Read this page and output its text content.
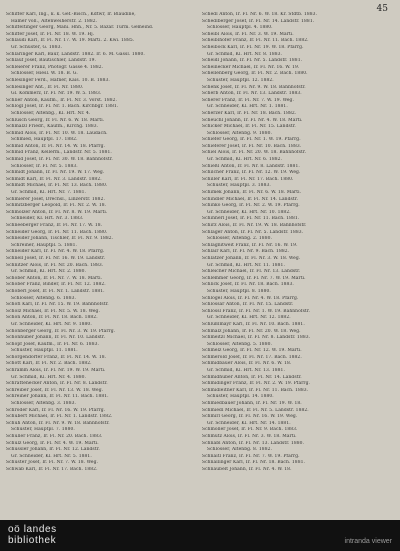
45
Schiffer Karl, Ing., k. k. Gef.-Bisch., Kdtwr, Ir. Blaudine,
Hamer voll., Altenweiherstr. 2. 1882.
Schiffeltinger Georg, Mani. Hhh., Nr. 5. Bazar. Turm. Gemeind.
Schiffer Josef, Ir. Fl. Nr. 18. W. 19. Hj.
Schlaudi Karl, Ir. Fl. Nr. 17. W. 19. Marti. 2. Kwi. 1885.
Gr. Schuster, G. 1883.
Schlaringer Karl, Baur, Landstr. 1882. Ir. 6. M. Gässl. 1880.
Schlauf Josef, Bautischler, Landstr. 19.
Schleierer Franz, Photogr. Gasse 4. 1882.
Schlosser, Hiesl. W. 18. B. G.
Schlesinger Ferd., Hafner, Kais. 10. B. 1883.
Schlesinger Ant., Ir. Fl. Nr. 1880.
Gl. Kommerz, Ir. Fl. Nr. 19. W. 5. 1883.
Schlier Anton, Kaufm., Ir. Fl. Nr. 3. Vorst. 1882.
Schlögl Josef, Ir. Fl. Nr. 1. Bach. Kirchbgr. 1881.
Schlosser, Altenbg., Kl. Hrt. Nr. 4.
Schlusch Georg, Ir. Fl. Nr. 6. W. 18. Marti.
Schmalzl Friedr., Kaufm., Kirchg. 1883.
Schmid Alois, Ir. Fl. Nr. 10. W. 18. Laudach.
Schmied, Hauptpl. 17. 1882.
Schmid Anton, Ir. Fl. Nr. 14. W. 18. Pfarrg.
Schmid Franz, Kellerm., Landstr. Nr. 5. 1881.
Schmid Josef, Ir. Fl. Nr. 30. W. 18. Bahnhofstr.
Schlosser, Ir. Fl. Nr. 5. 1883.
Schmidt Johann, Ir. Fl. Nr. 19. W. 17. Weg.
Schmidt Karl, Ir. Fl. Nr. 3. Landstr. 1882.
Schmidt Michael, Ir. Fl. Nr. 13. Bach. 1880.
Gr. Schmid, Kl. Hrt. Nr. 7. 1881.
Schmierer Josef, Drechsl., Linzerstr. 1882.
Schmitzberger Leopold, Ir. Fl. Nr. 2. W. 18.
Schmölzer Anton, Ir. Fl. Nr. 8. W. 19. Marti.
Schneider, Kl. Hrt. Nr. 3. 1883.
Schneeberger Franz, Ir. Fl. Nr. 17. W. 18.
Schneider Georg, Ir. Fl. Nr. 11. Bach. 1880.
Schneider Johann, Tischler, Ir. Fl. Nr. 9. 1882.
Schreiner, Hauptpl. 5. 1881.
Schneider Karl, Ir. Fl. Nr. 4. W. 18. Pfarrg.
Schnell Josef, Ir. Fl. Nr. 16. W. 19. Landstr.
Schnitzer Alois, Ir. Fl. Nr. 20. Bach. 1883.
Gr. Schmid, Kl. Hrt. Nr. 2. 1880.
Schober Anton, Ir. Fl. Nr. 7. W. 18. Marti.
Schober Franz, Binder, Ir. Fl. Nr. 12. 1882.
Schöberl Josef, Ir. Fl. Nr. 1. Landstr. 1881.
Schlosser, Altenbg. 6. 1883.
Schöfl Karl, Ir. Fl. Nr. 15. W. 19. Bahnhofstr.
Scholz Michael, Ir. Fl. Nr. 5. W. 18. Weg.
Schön Anton, Ir. Fl. Nr. 18. Bach. 1882.
Gr. Schneider, Kl. Hrt. Nr. 9. 1880.
Schönberger Georg, Ir. Fl. Nr. 3. W. 19. Pfarrg.
Schönhuber Johann, Ir. Fl. Nr. 10. Landstr.
Schopf Josef, Kaufm., Ir. Fl. Nr. 6. 1883.
Schuster, Hauptpl. 11. 1881.
Schörgendorfer Franz, Ir. Fl. Nr. 14. W. 18.
Schott Karl, Ir. Fl. Nr. 2. Bach. 1882.
Schramm Alois, Ir. Fl. Nr. 19. W. 19. Marti.
Gr. Schmid, Kl. Hrt. Nr. 4. 1880.
Schrattenecker Anton, Ir. Fl. Nr. 8. Landstr.
Schreiber Josef, Ir. Fl. Nr. 13. W. 18. Weg.
Schreiner Johann, Ir. Fl. Nr. 11. Bach. 1881.
Schlosser, Altenbg. 3. 1883.
Schröder Karl, Ir. Fl. Nr. 16. W. 19. Pfarrg.
Schubert Michael, Ir. Fl. Nr. 1. Landstr. 1882.
Schuh Anton, Ir. Fl. Nr. 9. W. 18. Bahnhofstr.
Schuster, Hauptpl. 7. 1880.
Schuller Franz, Ir. Fl. Nr. 20. Bach. 1883.
Schulz Georg, Ir. Fl. Nr. 4. W. 19. Marti.
Schüssler Johann, Ir. Fl. Nr. 12. Landstr.
Gr. Schneider, Kl. Hrt. Nr. 5. 1881.
Schuster Josef, Ir. Fl. Nr. 7. W. 18. Weg.
Schwab Karl, Ir. Fl. Nr. 17. Bach. 1882.
Schedl Anton, Ir. Fl. Nr. 6. W. 18. Kr. Stdtb. 1883.
Schedlberger Josef, Ir. Fl. Nr. 14. Landstr. 1881.
Schlosser, Hauptpl. 4. 1880.
Scheibl Alois, Ir. Fl. Nr. 3. W. 19. Marti.
Scheiblhofer Franz, Ir. Fl. Nr. 11. Bach. 1882.
Scheiböck Karl, Ir. Fl. Nr. 19. W. 18. Pfarrg.
Gr. Schmid, Kl. Hrt. Nr. 8. 1883.
Scheidl Johann, Ir. Fl. Nr. 5. Landstr. 1881.
Scheinecker Michael, Ir. Fl. Nr. 16. W. 19.
Schellenberg Georg, Ir. Fl. Nr. 2. Bach. 1880.
Schuster, Hauptpl. 12. 1882.
Schenk Josef, Ir. Fl. Nr. 9. W. 18. Bahnhofstr.
Scherb Anton, Ir. Fl. Nr. 13. Landstr. 1883.
Scherer Franz, Ir. Fl. Nr. 7. W. 19. Weg.
Gr. Schneider, Kl. Hrt. Nr. 1. 1881.
Scherzer Karl, Ir. Fl. Nr. 18. Bach. 1882.
Scheuchl Johann, Ir. Fl. Nr. 4. W. 18. Marti.
Schicker Michael, Ir. Fl. Nr. 15. Landstr.
Schlosser, Altenbg. 9. 1880.
Schiefer Georg, Ir. Fl. Nr. 1. W. 19. Pfarrg.
Schieferer Josef, Ir. Fl. Nr. 10. Bach. 1883.
Schiel Alois, Ir. Fl. Nr. 20. W. 18. Bahnhofstr.
Gr. Schmid, Kl. Hrt. Nr. 6. 1882.
Schießl Anton, Ir. Fl. Nr. 8. Landstr. 1881.
Schilcher Franz, Ir. Fl. Nr. 12. W. 19. Weg.
Schiller Karl, Ir. Fl. Nr. 17. Bach. 1880.
Schuster, Hauptpl. 3. 1883.
Schimek Johann, Ir. Fl. Nr. 6. W. 18. Marti.
Schindler Michael, Ir. Fl. Nr. 14. Landstr.
Schinko Georg, Ir. Fl. Nr. 2. W. 19. Pfarrg.
Gr. Schneider, Kl. Hrt. Nr. 10. 1882.
Schinnerl Josef, Ir. Fl. Nr. 11. Bach. 1881.
Schirz Alois, Ir. Fl. Nr. 19. W. 18. Bahnhofstr.
Schlager Anton, Ir. Fl. Nr. 5. Landstr. 1883.
Schlosser, Altenbg. 2. 1880.
Schlagnitweit Franz, Ir. Fl. Nr. 16. W. 19.
Schlair Karl, Ir. Fl. Nr. 9. Bach. 1882.
Schlatzer Johann, Ir. Fl. Nr. 3. W. 18. Weg.
Gr. Schmid, Kl. Hrt. Nr. 11. 1881.
Schleicher Michael, Ir. Fl. Nr. 13. Landstr.
Schlemmer Georg, Ir. Fl. Nr. 7. W. 19. Marti.
Schlick Josef, Ir. Fl. Nr. 18. Bach. 1883.
Schuster, Hauptpl. 8. 1880.
Schlögel Alois, Ir. Fl. Nr. 4. W. 18. Pfarrg.
Schlossar Anton, Ir. Fl. Nr. 15. Landstr.
Schlössl Franz, Ir. Fl. Nr. 1. W. 19. Bahnhofstr.
Gr. Schneider, Kl. Hrt. Nr. 12. 1882.
Schlüßlmayr Karl, Ir. Fl. Nr. 10. Bach. 1881.
Schmalz Johann, Ir. Fl. Nr. 20. W. 18. Weg.
Schmeitzl Michael, Ir. Fl. Nr. 8. Landstr. 1883.
Schlosser, Altenbg. 5. 1880.
Schmelz Georg, Ir. Fl. Nr. 12. W. 19. Marti.
Schmerold Josef, Ir. Fl. Nr. 17. Bach. 1882.
Schmidbauer Alois, Ir. Fl. Nr. 6. W. 18.
Gr. Schmid, Kl. Hrt. Nr. 13. 1881.
Schmidhuber Anton, Ir. Fl. Nr. 14. Landstr.
Schmidinger Franz, Ir. Fl. Nr. 2. W. 19. Pfarrg.
Schmidleitner Karl, Ir. Fl. Nr. 11. Bach. 1883.
Schuster, Hauptpl. 14. 1880.
Schmiedbauer Johann, Ir. Fl. Nr. 19. W. 18.
Schmiedl Michael, Ir. Fl. Nr. 5. Landstr. 1882.
Schmirl Georg, Ir. Fl. Nr. 16. W. 19. Weg.
Gr. Schneider, Kl. Hrt. Nr. 14. 1881.
Schmöller Josef, Ir. Fl. Nr. 9. Bach. 1883.
Schmutz Alois, Ir. Fl. Nr. 3. W. 18. Marti.
Schnabl Anton, Ir. Fl. Nr. 13. Landstr. 1880.
Schlosser, Altenbg. 8. 1882.
Schnaitl Franz, Ir. Fl. Nr. 7. W. 19. Pfarrg.
Schnallinger Karl, Ir. Fl. Nr. 18. Bach. 1881.
Schnaubelt Johann, Ir. Fl. Nr. 4. W. 18.
oö landes
bibliothek	intranda viewer
